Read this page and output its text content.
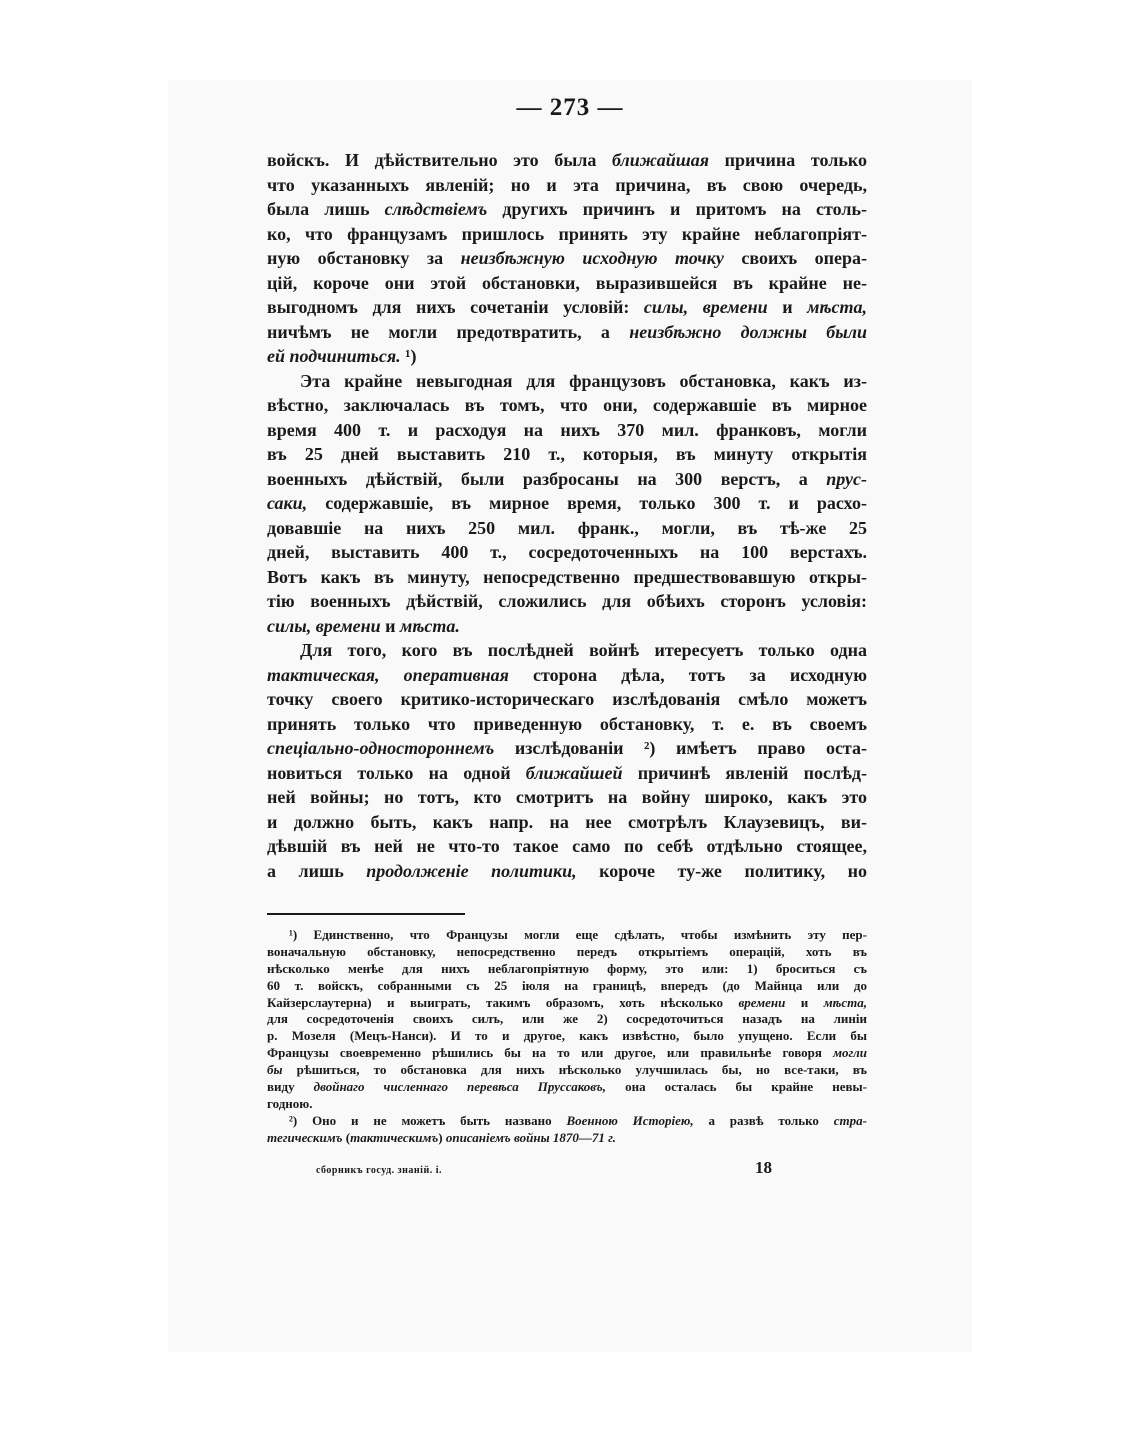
— 273 —
войскъ. И дѣйствительно это была ближайшая причина только
что указанныхъ явленій; но и эта причина, въ свою очередь,
была лишь слѣдствіемъ другихъ причинъ и притомъ на столь-
ко, что французамъ пришлось принять эту крайне неблагопріят-
ную обстановку за неизбѣжную исходную точку своихъ опера-
цій, короче они этой обстановки, выразившейся въ крайне не-
выгодномъ для нихъ сочетаніи условій: силы, времени и мѣста,
ничѣмъ не могли предотвратить, а неизбѣжно должны были
ей подчиниться. ¹)
Эта крайне невыгодная для французовъ обстановка, какъ из-
вѣстно, заключалась въ томъ, что они, содержавшіе въ мирное
время 400 т. и расходуя на нихъ 370 мил. франковъ, могли
въ 25 дней выставить 210 т., которыя, въ минуту открытія
военныхъ дѣйствій, были разбросаны на 300 верстъ, а прус-
саки, содержавшіе, въ мирное время, только 300 т. и расхо-
довавшіе на нихъ 250 мил. франк., могли, въ тѣ-же 25
дней, выставить 400 т., сосредоточенныхъ на 100 верстахъ.
Вотъ какъ въ минуту, непосредственно предшествовавшую откры-
тію военныхъ дѣйствій, сложились для обѣихъ сторонъ условія:
силы, времени и мѣста.
Для того, кого въ послѣдней войнѣ итересуетъ только одна
тактическая, оперативная сторона дѣла, тотъ за исходную
точку своего критико-историческаго изслѣдованія смѣло можетъ
принять только что приведенную обстановку, т. е. въ своемъ
спеціально-одностороннемъ изслѣдованіи ²) имѣетъ право оста-
новиться только на одной ближайшей причинѣ явленій послѣд-
ней войны; но тотъ, кто смотритъ на войну широко, какъ это
и должно быть, какъ напр. на нее смотрѣлъ Клаузевицъ, ви-
дѣвшій въ ней не что-то такое само по себѣ отдѣльно стоящее,
а лишь продолженіе политики, короче ту-же политику, но
¹) Единственно, что Французы могли еще сдѣлать, чтобы измѣнить эту пер-
воначальную обстановку, непосредственно передъ открытіемъ операцій, хоть въ
нѣсколько менѣе для нихъ неблагопріятную форму, это или: 1) броситься съ
60 т. войскъ, собранными съ 25 іюля на границѣ, впередъ (до Майнца или до
Кайзерслаутерна) и выиграть, такимъ образомъ, хоть нѣсколько времени и мѣста,
для сосредоточенія своихъ силъ, или же 2) сосредоточиться назадъ на линіи
р. Мозеля (Мецъ-Нанси). И то и другое, какъ извѣстно, было упущено. Если бы
Французы своевременно рѣшились бы на то или другое, или правильнѣе говоря могли
бы рѣшиться, то обстановка для нихъ нѣсколько улучшилась бы, но все-таки, въ
виду двойнаго численнаго перевѣса Пруссаковъ, она осталась бы крайне невы-
годною.
²) Оно и не можетъ быть названо Военною Исторіею, а развѣ только стра-
тегическимъ (тактическимъ) описаніемъ войны 1870—71 г.
сборникъ госуд. знаній. i.	18
